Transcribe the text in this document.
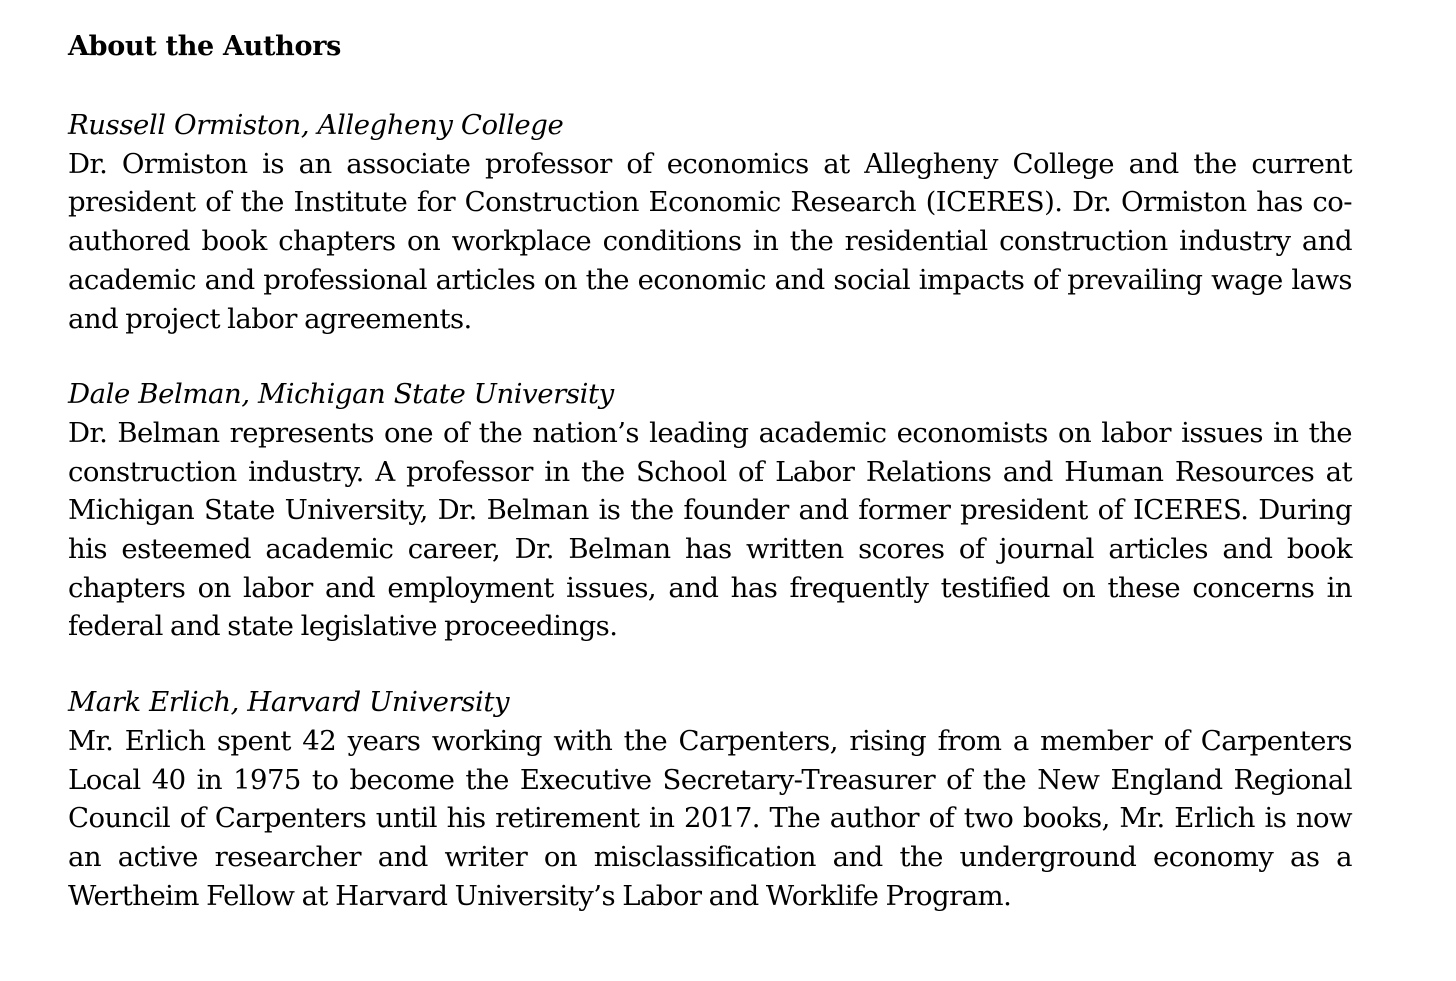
About the Authors

Russell Ormiston, Allegheny College

Dr. Ormiston is an associate professor of economics at Allegheny College and the current president of the Institute for Construction Economic Research (ICERES). Dr. Ormiston has co-authored book chapters on workplace conditions in the residential construction industry and academic and professional articles on the economic and social impacts of prevailing wage laws and project labor agreements.

Dale Belman, Michigan State University

Dr. Belman represents one of the nation’s leading academic economists on labor issues in the construction industry. A professor in the School of Labor Relations and Human Resources at Michigan State University, Dr. Belman is the founder and former president of ICERES. During his esteemed academic career, Dr. Belman has written scores of journal articles and book chapters on labor and employment issues, and has frequently testified on these concerns in federal and state legislative proceedings.

Mark Erlich, Harvard University

Mr. Erlich spent 42 years working with the Carpenters, rising from a member of Carpenters Local 40 in 1975 to become the Executive Secretary-Treasurer of the New England Regional Council of Carpenters until his retirement in 2017. The author of two books, Mr. Erlich is now an active researcher and writer on misclassification and the underground economy as a Wertheim Fellow at Harvard University’s Labor and Worklife Program.
